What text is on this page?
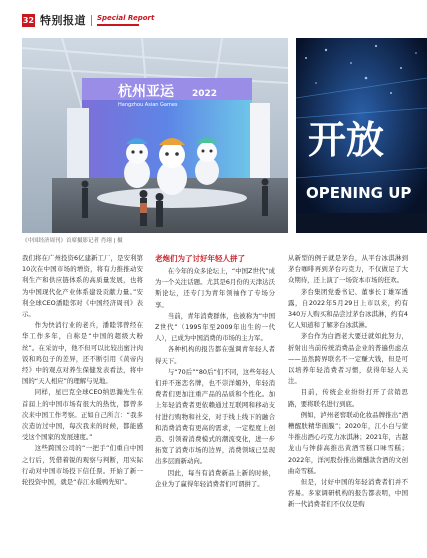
32 特别报道 Special Report
杭州亚运 2022
Hangzhou Asian Games
开放
OPENING UP
《中国经济周刊》首席摄影记者 肖翊 | 摄

我们将在广州投资6亿建新工厂，是安利第10次在中国市场的增资，将有力推推动安利生产和供应链体系的高质量发展，也将为中国现代化产业体系建设贡献力量。”安利全球CEO潘睦邻对《中国经济周刊》表示。

作为快消行业的老兵，潘睦邻曾经在华工作多年，自称是“中国的超级大粉丝”。在采访中，他不但可以比较出蜜汁肉饭和鸡包子的差异，还不断引用《黄帝内经》中的观点对养生保健发表看法，将中国的“天人相应”的理解与见地。

同样，星巴克全球CEO纳思瀚先生在首届上的中国市场有很大的热忱，都曾多次来中国工作考察。正如自己所言：“我多次造访过中国，每次我来的时候，都能感受这个国家的发展速度。”

这些跨国公司的“一把手”们重自中国之行后，凭借着锐的观察与判断，用实际行动对中国市场投下信任票。开始了新一轮投资中国，就是“春江水暖鸭先知”。

老炮们为了讨好年轻人拼了

在今年的众多论坛上，“中国Z世代”成为一个关注话题。尤其是6月份的天津达沃斯论坛，还专门为青年领袖作了专场分享。

当前，青年消费群体，也被称为“中国Z世代”（1995年至2009年出生的一代人），已成为中国消费的市场的主力军。

各种机构的报告都在强调青年轻人者得天下。

与“70后”“80后”们不同，这些年轻人们并不迷恋名牌，也不崇洋媚外，年轻消费者们更加注重产品的品质和个性化。加上年轻消费者更依赖通过互联网和移动支付进行购物和社交，对于线上线下的融合和消费消费有更高的需求，一定程度上创造、引领着消费模式的潮流变化，进一步拓宽了消费市场的边界，消费领域已呈现出多层面新动向。

因此，每当有消费新品上新的时候，企业为了赢得年轻消费者们可谓拼了。

从新型的例子就是茅台，从平台冰淇淋到茅台咖啡再到茅台巧克力，不仅做足了大众期待，还上演了一场资本市场的狂欢。

茅台集团党委书记、董事长丁雄军透露，自2022年5月29日上市以来，约有340万人购买和品尝过茅台冰淇淋，约有4亿人知道和了解茅台冰淇淋。

茅台作为白酒老大要迁就如此努力，折射出当前传统消费品企业的普遍焦虑点——虽然跨界联名不一定赚大钱，但是可以培养年轻消费者习惯，获得年轻人关注。

目前，传统企业纷纷打开了营销思路，要将联名进行到底。

例如，泸州老窖联动化妆品牌推出“酒糟醒肤精华面膜”；2020年，江小白与蒙牛推出酒心巧克力冰淇淋；2021年，古越龙山与钟薛高推出黄酒雪糕口味雪糕；2022年，洋河股份推出微醺款含酒的文创曲奇雪糕。

但是，讨好中国的年轻消费者们并不容易。多家调研机构的报告都表明，中国新一代消费者们不仅仅是购
